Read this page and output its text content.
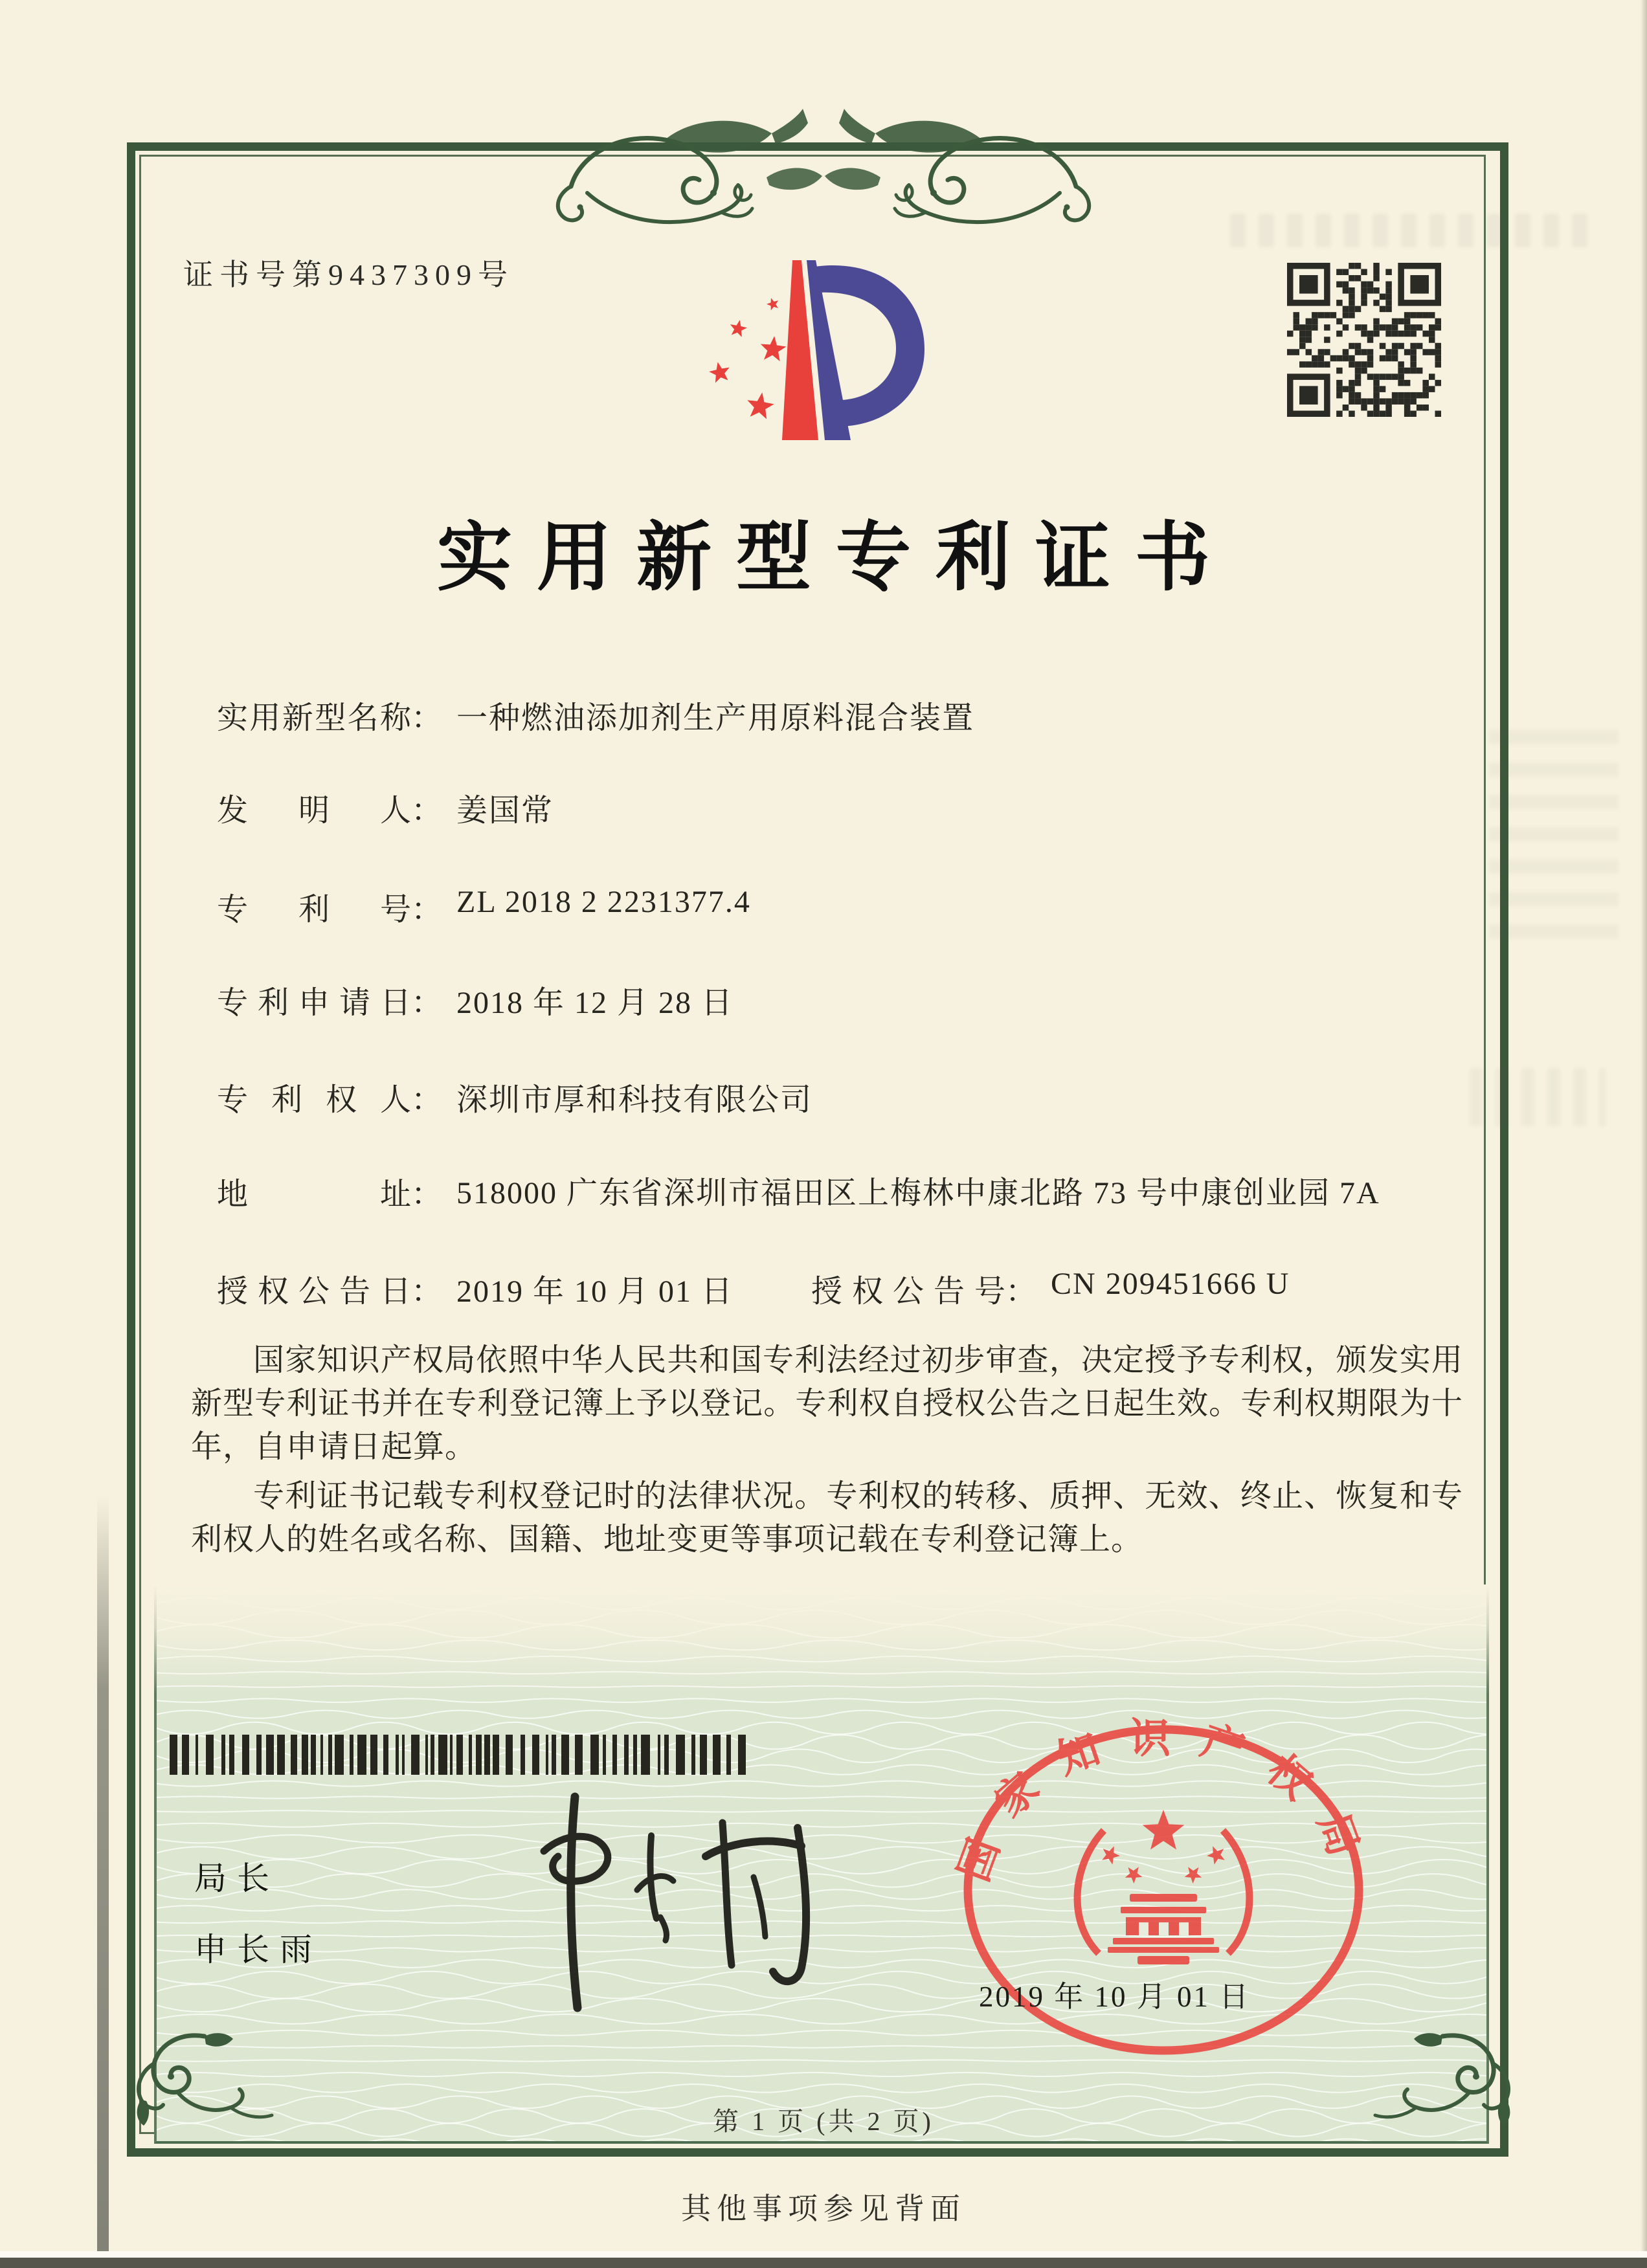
证书号第9437309号
实用新型专利证书
实用新型名称： 一种燃油添加剂生产用原料混合装置
发明人： 姜国常
专利号： ZL 2018 2 2231377.4
专利申请日： 2018 年 12 月 28 日
专利权人： 深圳市厚和科技有限公司
地址： 518000 广东省深圳市福田区上梅林中康北路 73 号中康创业园 7A
授权公告日： 2019 年 10 月 01 日 授权公告号： CN 209451666 U
国家知识产权局依照中华人民共和国专利法经过初步审查，决定授予专利权，颁发实用新型专利证书并在专利登记簿上予以登记。专利权自授权公告之日起生效。专利权期限为十年，自申请日起算。
专利证书记载专利权登记时的法律状况。专利权的转移、质押、无效、终止、恢复和专利权人的姓名或名称、国籍、地址变更等事项记载在专利登记簿上。
局长
申长雨
国家知识产权局
2019 年 10 月 01 日
第 1 页 (共 2 页)
其他事项参见背面
